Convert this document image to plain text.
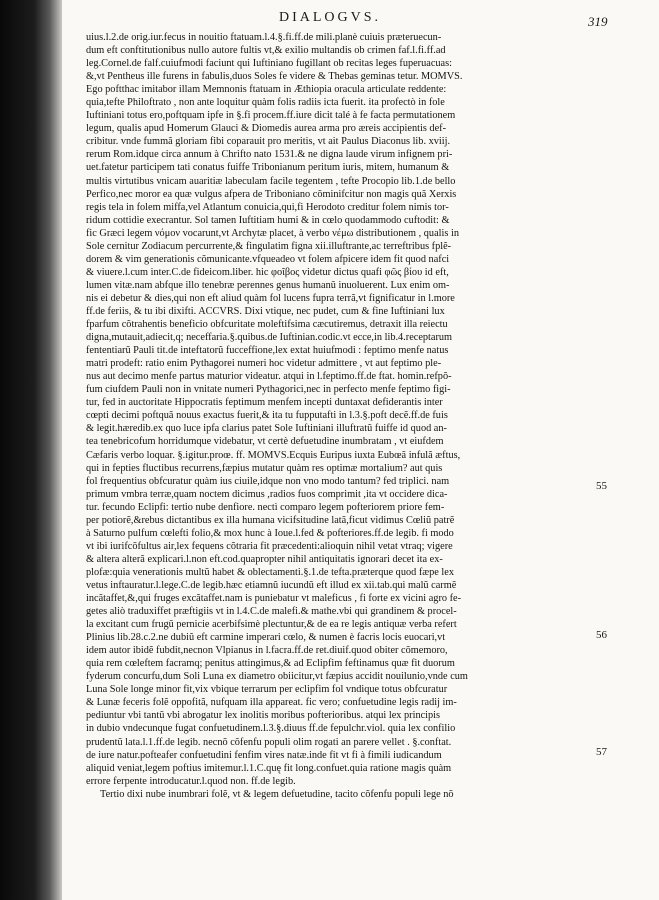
DIALOGVS.	319
uius.l.2.de orig.iur.fecus in nouitio ftatuam.l.4.§.fi.ff.de mili.planè cuiuis præteruecun-
dum eft conftitutionibus nullo autore fultis vt,& exilio multandis ob crimen faf.l.fi.ff.ad
leg.Cornel.de falf.cuiufmodi faciunt qui Iuftiniano fugillant ob recitas leges fuperuacuas:
&,vt Pentheus ille furens in fabulis,duos Soles fe videre & Thebas geminas tetur. MOMVS.
Ego poftthac imitabor illam Memnonis ftatuam in Æthiopia oracula articulate reddente:
quia,tefte Philoftrato , non ante loquitur quàm folis radiis icta fuerit. ita profectò in fole
Iuftiniani totus ero,poftquam ipfe in §.fi procem.ff.iure dicit talé à fe facta permutationem
legum, qualis apud Homerum Glauci & Diomedis aurea arma pro æreis accipientis def-
cribitur. vnde fummã gloriam fibi coparauit pro meritis, vt ait Paulus Diaconus lib. xviij.
rerum Rom.idque circa annum à Chrifto nato 1531.& ne digna laude virum infignem pri-
uet.fatetur participem tati conatus fuiffe Tribonianum peritum iuris, mitem, humanum &
multis virtutibus vnicam auaritiæ labeculam facile tegentem , tefte Procopio lib.1.de bello
Perfico,nec moror ea quæ vulgus afpera de Triboniano cõminifcitur non magis quã Xerxis
regis tela in folem miffa,vel Atlantum conuicia,qui,fi Herodoto creditur folem nimis tor-
ridum cottidie execrantur. Sol tamen Iuftitiam humi & in cœlo quodammodo cuftodit: &
fic Græci legem νόμον vocarunt,vt Archytæ placet, à verbo νέμω distributionem , qualis in
Sole cernitur Zodiacum percurrente,& fingulatim figna xii.illuftrante,ac terreftribus fplẽ-
dorem & vim generationis cõmunicante.vfqueadeo vt folem afpicere idem fit quod nafci
& viuere.l.cum inter.C.de fideicom.liber. hic φοῖβος videtur dictus quafi φῶς βίου id eft,
lumen vitæ.nam abfque illo tenebræ perennes genus humanũ inuoluerent. Lux enim om-
nis ei debetur & dies,qui non eft aliud quàm fol lucens fupra terrã,vt fignificatur in l.more
ff.de feriis, & tu ibi dixifti. ACCVRS. Dixi vtique, nec pudet, cum & fine Iuftiniani lux
fparfum cõtrahentis beneficio obfcuritate moleftifsima cæcutiremus, detraxit illa reiectu
digna,mutauit,adiecit,q; neceffaria.§.quibus.de Iuftinian.codic.vt ecce,in lib.4.receptarum
fententiarũ Pauli tit.de inteftatorũ fucceffione,lex extat huiufmodi : feptimo menfe natus
matri prodeft: ratio enim Pythagorei numeri hoc videtur admittere , vt aut feptimo ple-
nus aut decimo menfe partus maturior videatur. atqui in l.feptimo.ff.de ftat. homin.refpõ-
fum ciufdem Pauli non in vnitate numeri Pythagorici,nec in perfecto menfe feptimo figi-
tur, fed in auctoritate Hippocratis feptimum menfem incepti duntaxat defiderantis inter
cœpti decimi poftquã nouus exactus fuerit,& ita tu fupputafti in l.3.§.poft decẽ.ff.de fuis
& legit.hæredib.ex quo luce ipfa clarius patet Sole Iuftiniani illuftratũ fuiffe id quod an-
tea tenebricofum horridumque videbatur, vt certè defuetudine inumbratam , vt eiufdem
Cæfaris verbo loquar. §.igitur.proœ. ff. MOMVS.Ecquis Euripus iuxta Eubœã infulã æftus,
qui in fepties fluctibus recurrens,fæpius mutatur quàm res optimæ mortalium? aut quis
fol frequentius obfcuratur quàm ius ciuile,idque non vno modo tantum? fed triplici. nam
primum vmbra terræ,quam noctem dicimus ,radios fuos comprimit ,ita vt occidere dica-
tur. fecundo Eclipfi: tertio nube denfiore. nectì comparo legem pofteriorem priore fem-
per potiorẽ,&rebus dictantibus ex illa humana vicifsitudine latã,ficut vidimus Cœliũ patrẽ
à Saturno pulfum cœlefti folio,& mox hunc à Ioue.l.fed & pofteriores.ff.de legib. fi modo
vt ibi iurifcõfultus air,lex fequens cõtraria fit præcedenti:alioquin nihil vetat vtraq; vigere
& altera alterã explicari.l.non eft.cod.quapropter nihil antiquitatis ignorari decet ita ex-
plofæ:quia venerationis multũ habet & oblectamenti.§.1.de tefta.præterque quod fæpe lex
vetus inftauratur.l.lege.C.de legib.hæc etiamnũ iucundũ eft illud ex xii.tab.qui malũ carmẽ
incãtaffet,&,qui fruges excãtaffet.nam is puniebatur vt maleficus , fi forte ex vicini agro fe-
getes aliò traduxiffet præftigiis vt in l.4.C.de malefi.& mathe.vbi qui grandinem & procel-
la excitant cum frugũ pernicie acerbifsimè plectuntur,& de ea re legis antiquæ verba refert
Plinius lib.28.c.2.ne dubiũ eft carmine imperari cœlo, & numen è facris locis euocari,vt
idem autor ibidẽ fubdit,necnon Vlpianus in l.facra.ff.de ret.diuif.quod obiter cõmemoro,
quia rem cœleftem facramq; penitus attingimus,& ad Eclipfim feftinamus quæ fit duorum
fyderum concurfu,dum Soli Luna ex diametro obiicitur,vt fæpius accidit nouilunio,vnde cum
Luna Sole longe minor fit,vix vbique terrarum per eclipfim fol vndique totus obfcuratur
& Lunæ feceris folẽ oppofitã, nufquam illa appareat. fic vero; confuetudine legis radij im-
pediuntur vbi tantũ vbi abrogatur lex inolitis moribus pofterioribus. atqui lex principis
in dubio vndecunque fugat confuetudinem.l.3.§.diuus ff.de fepulchr.viol. quia lex confilio
prudentũ lata.l.1.ff.de legib. necnõ cõfenfu populi olim rogati an parere vellet . §.conftat.
de iure natur.pofteafer confuetudini fenfim vires natæ.inde fit vt fi à fimili iudicandum
aliquid veniat,legem poftius imitemur.l.1.C.quę fit long.confuet.quia ratione magis quàm
errore ferpente introducatur.l.quod non. ff.de legib.
Tertio dixi nube inumbrari folẽ, vt & legem defuetudine, tacito cõfenfu populi lege nõ
55
56
57
